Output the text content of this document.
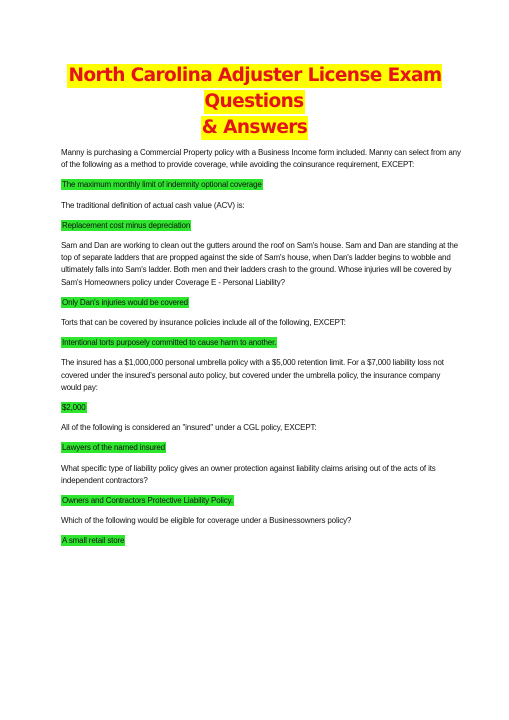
North Carolina Adjuster License Exam Questions
& Answers

Manny is purchasing a Commercial Property policy with a Business Income form included. Manny can select from any of the following as a method to provide coverage, while avoiding the coinsurance requirement, EXCEPT:

The maximum monthly limit of indemnity optional coverage

The traditional definition of actual cash value (ACV) is:

Replacement cost minus depreciation

Sam and Dan are working to clean out the gutters around the roof on Sam's house. Sam and Dan are standing at the top of separate ladders that are propped against the side of Sam's house, when Dan's ladder begins to wobble and ultimately falls into Sam's ladder. Both men and their ladders crash to the ground. Whose injuries will be covered by Sam's Homeowners policy under Coverage E - Personal Liability?

Only Dan's injuries would be covered

Torts that can be covered by insurance policies include all of the following, EXCEPT:

Intentional torts purposely committed to cause harm to another.

The insured has a $1,000,000 personal umbrella policy with a $5,000 retention limit. For a $7,000 liability loss not covered under the insured's personal auto policy, but covered under the umbrella policy, the insurance company would pay:

$2,000

All of the following is considered an "insured" under a CGL policy, EXCEPT:

Lawyers of the named insured

What specific type of liability policy gives an owner protection against liability claims arising out of the acts of its independent contractors?

Owners and Contractors Protective Liability Policy.

Which of the following would be eligible for coverage under a Businessowners policy?

A small retail store
